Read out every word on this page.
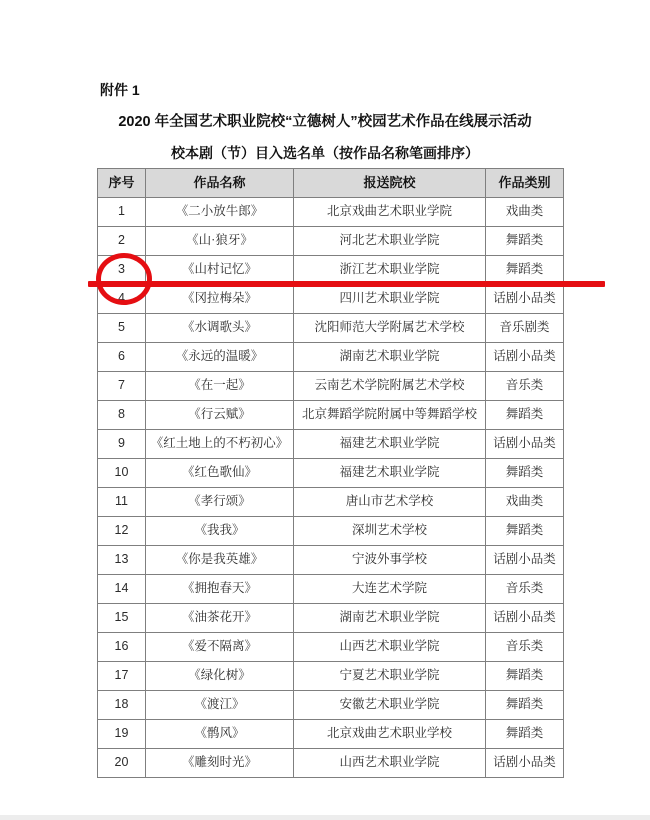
附件 1
2020 年全国艺术职业院校“立德树人”校园艺术作品在线展示活动
校本剧（节）目入选名单（按作品名称笔画排序）
序号	作品名称	报送院校	作品类别
1	《二小放牛郎》	北京戏曲艺术职业学院	戏曲类
2	《山·狼牙》	河北艺术职业学院	舞蹈类
3	《山村记忆》	浙江艺术职业学院	舞蹈类
4	《冈拉梅朵》	四川艺术职业学院	话剧小品类
5	《水调歌头》	沈阳师范大学附属艺术学校	音乐剧类
6	《永远的温暖》	湖南艺术职业学院	话剧小品类
7	《在一起》	云南艺术学院附属艺术学校	音乐类
8	《行云赋》	北京舞蹈学院附属中等舞蹈学校	舞蹈类
9	《红土地上的不朽初心》	福建艺术职业学院	话剧小品类
10	《红色歌仙》	福建艺术职业学院	舞蹈类
11	《孝行颂》	唐山市艺术学校	戏曲类
12	《我我》	深圳艺术学校	舞蹈类
13	《你是我英雄》	宁波外事学校	话剧小品类
14	《拥抱春天》	大连艺术学院	音乐类
15	《油茶花开》	湖南艺术职业学院	话剧小品类
16	《爱不隔离》	山西艺术职业学院	音乐类
17	《绿化树》	宁夏艺术职业学院	舞蹈类
18	《渡江》	安徽艺术职业学院	舞蹈类
19	《鹘风》	北京戏曲艺术职业学校	舞蹈类
20	《雕刻时光》	山西艺术职业学院	话剧小品类
